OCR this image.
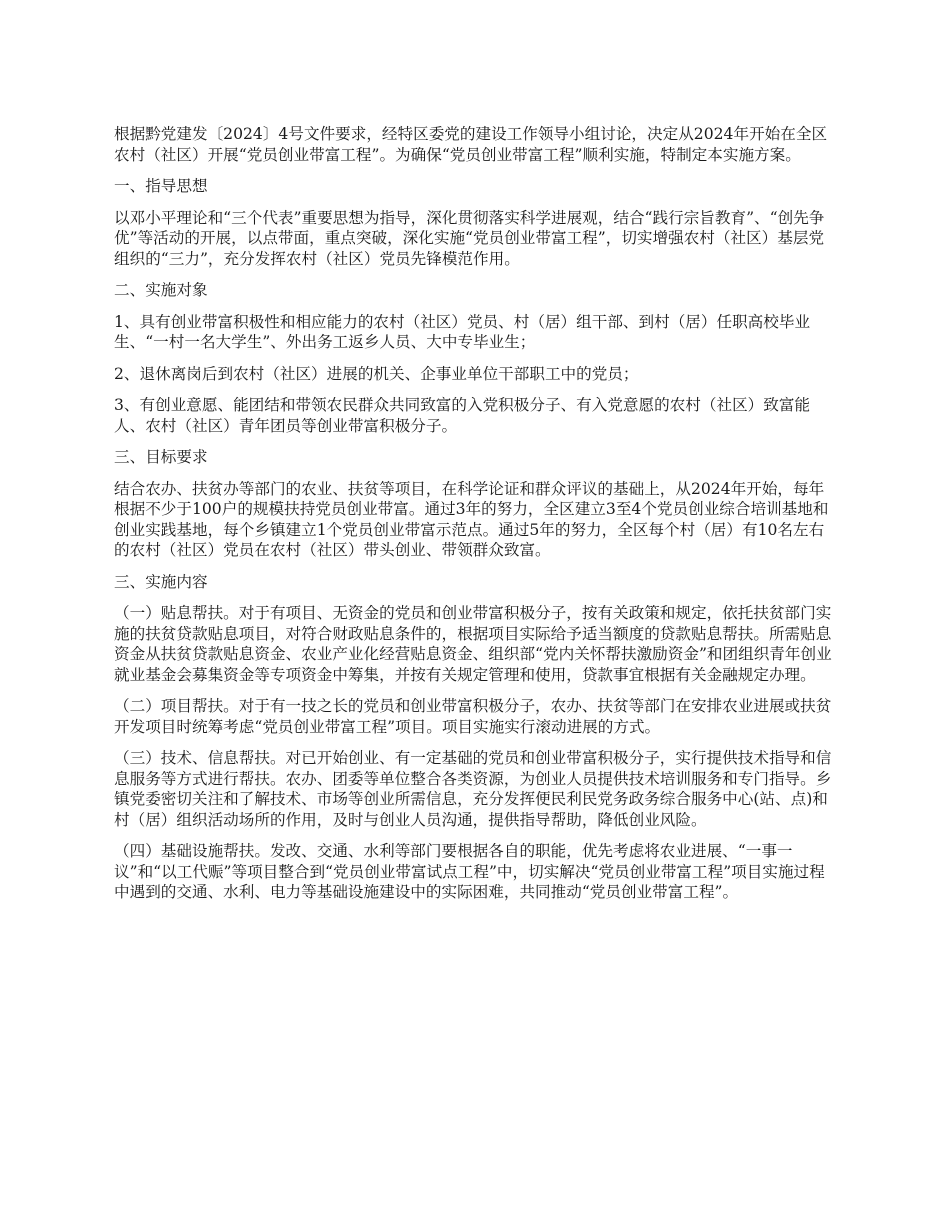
根据黔党建发〔2024〕4号文件要求，经特区委党的建设工作领导小组讨论，决定从2024年开始在全区农村（社区）开展“党员创业带富工程”。为确保“党员创业带富工程”顺利实施，特制定本实施方案。

一、指导思想

以邓小平理论和“三个代表”重要思想为指导，深化贯彻落实科学进展观，结合“践行宗旨教育”、“创先争优”等活动的开展，以点带面，重点突破，深化实施“党员创业带富工程”，切实增强农村（社区）基层党组织的“三力”，充分发挥农村（社区）党员先锋模范作用。

二、实施对象

1、具有创业带富积极性和相应能力的农村（社区）党员、村（居）组干部、到村（居）任职高校毕业生、“一村一名大学生”、外出务工返乡人员、大中专毕业生；

2、退休离岗后到农村（社区）进展的机关、企事业单位干部职工中的党员；

3、有创业意愿、能团结和带领农民群众共同致富的入党积极分子、有入党意愿的农村（社区）致富能人、农村（社区）青年团员等创业带富积极分子。

三、目标要求

结合农办、扶贫办等部门的农业、扶贫等项目，在科学论证和群众评议的基础上，从2024年开始，每年根据不少于100户的规模扶持党员创业带富。通过3年的努力，全区建立3至4个党员创业综合培训基地和创业实践基地，每个乡镇建立1个党员创业带富示范点。通过5年的努力，全区每个村（居）有10名左右的农村（社区）党员在农村（社区）带头创业、带领群众致富。

三、实施内容

（一）贴息帮扶。对于有项目、无资金的党员和创业带富积极分子，按有关政策和规定，依托扶贫部门实施的扶贫贷款贴息项目，对符合财政贴息条件的，根据项目实际给予适当额度的贷款贴息帮扶。所需贴息资金从扶贫贷款贴息资金、农业产业化经营贴息资金、组织部“党内关怀帮扶激励资金”和团组织青年创业就业基金会募集资金等专项资金中筹集，并按有关规定管理和使用，贷款事宜根据有关金融规定办理。

（二）项目帮扶。对于有一技之长的党员和创业带富积极分子，农办、扶贫等部门在安排农业进展或扶贫开发项目时统筹考虑“党员创业带富工程”项目。项目实施实行滚动进展的方式。

（三）技术、信息帮扶。对已开始创业、有一定基础的党员和创业带富积极分子，实行提供技术指导和信息服务等方式进行帮扶。农办、团委等单位整合各类资源，为创业人员提供技术培训服务和专门指导。乡镇党委密切关注和了解技术、市场等创业所需信息，充分发挥便民利民党务政务综合服务中心(站、点)和村（居）组织活动场所的作用，及时与创业人员沟通，提供指导帮助，降低创业风险。

（四）基础设施帮扶。发改、交通、水利等部门要根据各自的职能，优先考虑将农业进展、“一事一议”和“以工代赈”等项目整合到“党员创业带富试点工程”中，切实解决“党员创业带富工程”项目实施过程中遇到的交通、水利、电力等基础设施建设中的实际困难，共同推动“党员创业带富工程”。
